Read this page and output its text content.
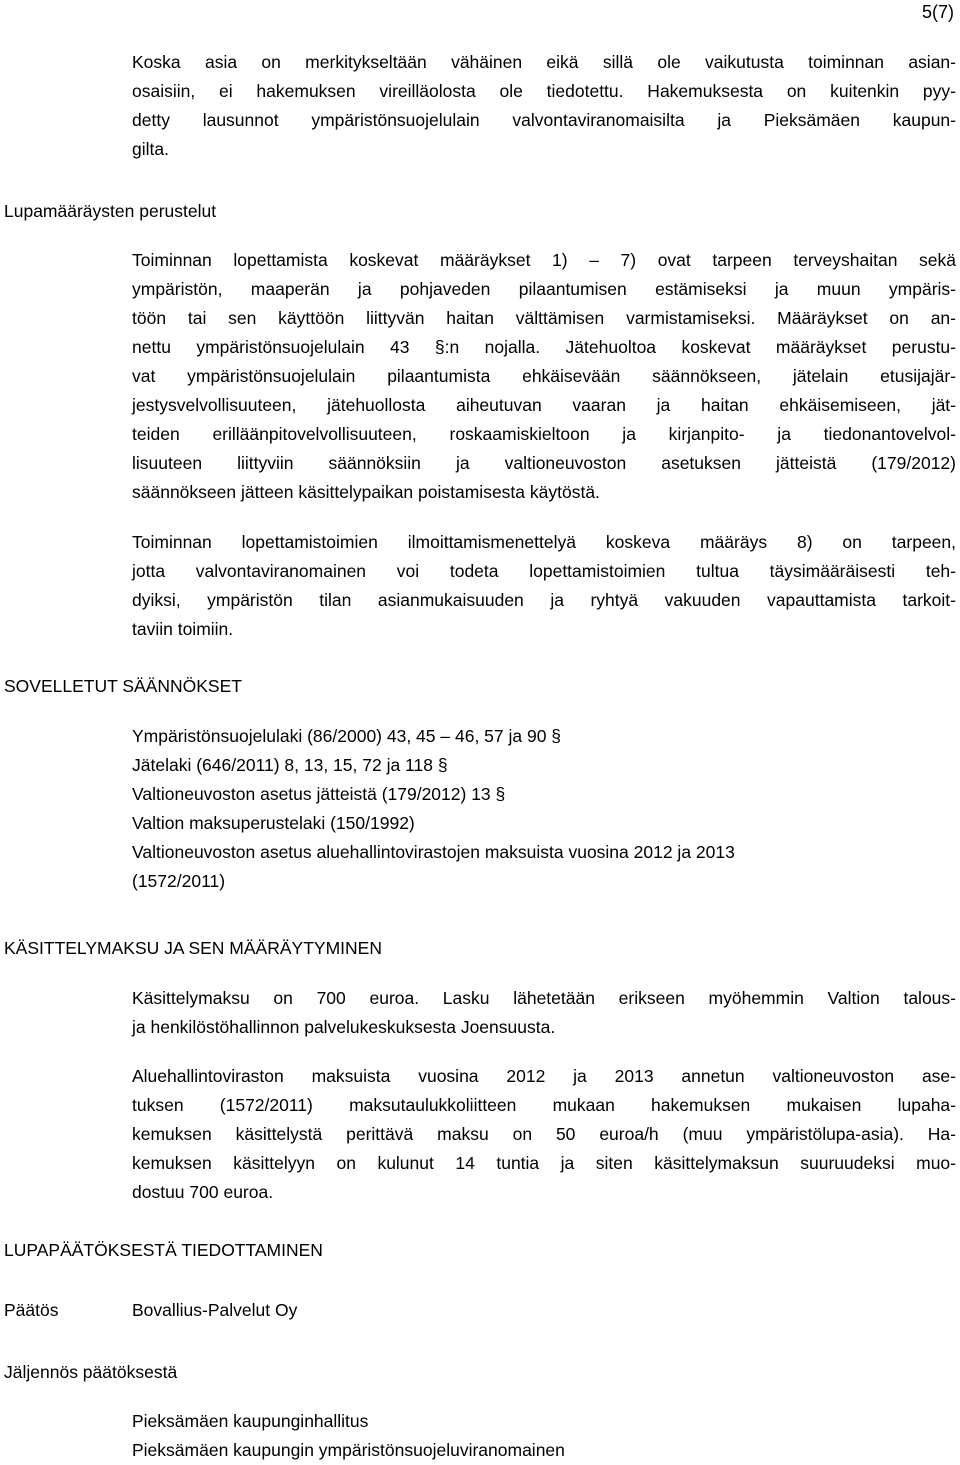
5(7)

Koska asia on merkitykseltään vähäinen eikä sillä ole vaikutusta toiminnan asian-
osaisiin, ei hakemuksen vireilläolosta ole tiedotettu. Hakemuksesta on kuitenkin pyy-
detty lausunnot ympäristönsuojelulain valvontaviranomaisilta ja Pieksämäen kaupun-
gilta.

Lupamääräysten perustelut

Toiminnan lopettamista koskevat määräykset 1) – 7) ovat tarpeen terveyshaitan sekä
ympäristön, maaperän ja pohjaveden pilaantumisen estämiseksi ja muun ympäris-
töön tai sen käyttöön liittyvän haitan välttämisen varmistamiseksi. Määräykset on an-
nettu ympäristönsuojelulain 43 §:n nojalla. Jätehuoltoa koskevat määräykset perustu-
vat ympäristönsuojelulain pilaantumista ehkäisevään säännökseen, jätelain etusijajär-
jestysvelvollisuuteen, jätehuollosta aiheutuvan vaaran ja haitan ehkäisemiseen, jät-
teiden erilläänpitovelvollisuuteen, roskaamiskieltoon ja kirjanpito- ja tiedonantovelvol-
lisuuteen liittyviin säännöksiin ja valtioneuvoston asetuksen jätteistä (179/2012)
säännökseen jätteen käsittelypaikan poistamisesta käytöstä.

Toiminnan lopettamistoimien ilmoittamismenettelyä koskeva määräys 8) on tarpeen,
jotta valvontaviranomainen voi todeta lopettamistoimien tultua täysimääräisesti teh-
dyiksi, ympäristön tilan asianmukaisuuden ja ryhtyä vakuuden vapauttamista tarkoit-
taviin toimiin.

SOVELLETUT SÄÄNNÖKSET
Ympäristönsuojelulaki (86/2000) 43, 45 – 46, 57 ja 90 §
Jätelaki (646/2011) 8, 13, 15, 72 ja 118 §
Valtioneuvoston asetus jätteistä (179/2012) 13 §
Valtion maksuperustelaki (150/1992)
Valtioneuvoston asetus aluehallintovirastojen maksuista vuosina 2012 ja 2013
(1572/2011)
KÄSITTELYMAKSU JA SEN MÄÄRÄYTYMINEN

Käsittelymaksu on 700 euroa. Lasku lähetetään erikseen myöhemmin Valtion talous-
ja henkilöstöhallinnon palvelukeskuksesta Joensuusta.

Aluehallintoviraston maksuista vuosina 2012 ja 2013 annetun valtioneuvoston ase-
tuksen (1572/2011) maksutaulukkoliitteen mukaan hakemuksen mukaisen lupaha-
kemuksen käsittelystä perittävä maksu on 50 euroa/h (muu ympäristölupa-asia). Ha-
kemuksen käsittelyyn on kulunut 14 tuntia ja siten käsittelymaksun suuruudeksi muo-
dostuu 700 euroa.

LUPAPÄÄTÖKSESTÄ TIEDOTTAMINEN
Päätös	Bovallius-Palvelut Oy
Jäljennös päätöksestä
Pieksämäen kaupunginhallitus
Pieksämäen kaupungin ympäristönsuojeluviranomainen
